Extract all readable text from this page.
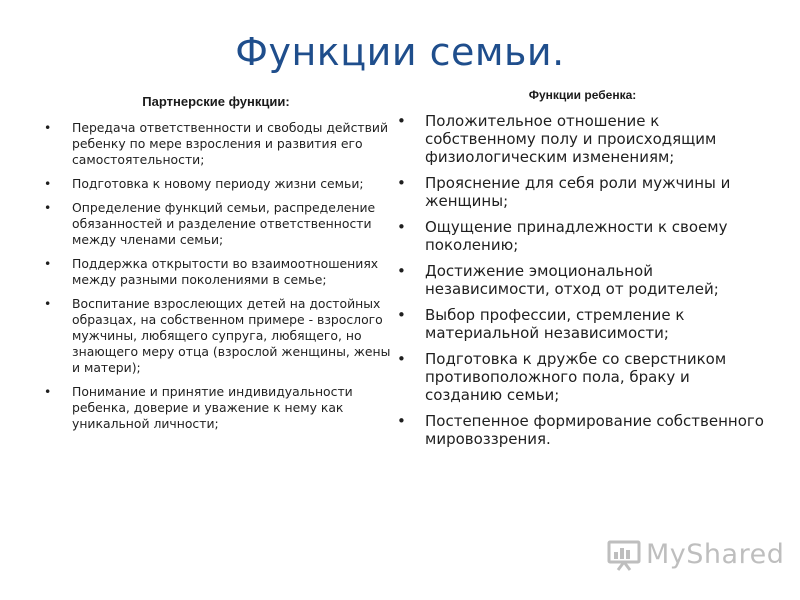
Функции семьи.
Партнерские функции:
• Передача ответственности и свободы действий ребенку по мере взросления и развития его самостоятельности;
• Подготовка к новому периоду жизни семьи;
• Определение функций семьи, распределение обязанностей и разделение ответственности между членами семьи;
• Поддержка открытости во взаимоотношениях между разными поколениями в семье;
• Воспитание взрослеющих детей на достойных образцах, на собственном примере - взрослого мужчины, любящего супруга, любящего, но знающего меру отца (взрослой женщины, жены и матери);
• Понимание и принятие индивидуальности ребенка, доверие и уважение к нему как уникальной личности;
Функции ребенка:
• Положительное отношение к собственному полу и происходящим физиологическим изменениям;
• Прояснение для себя роли мужчины и женщины;
• Ощущение принадлежности к своему поколению;
• Достижение эмоциональной независимости, отход от родителей;
• Выбор профессии, стремление к материальной независимости;
• Подготовка к дружбе со сверстником противоположного пола, браку и созданию семьи;
• Постепенное формирование собственного мировоззрения.
MyShared
